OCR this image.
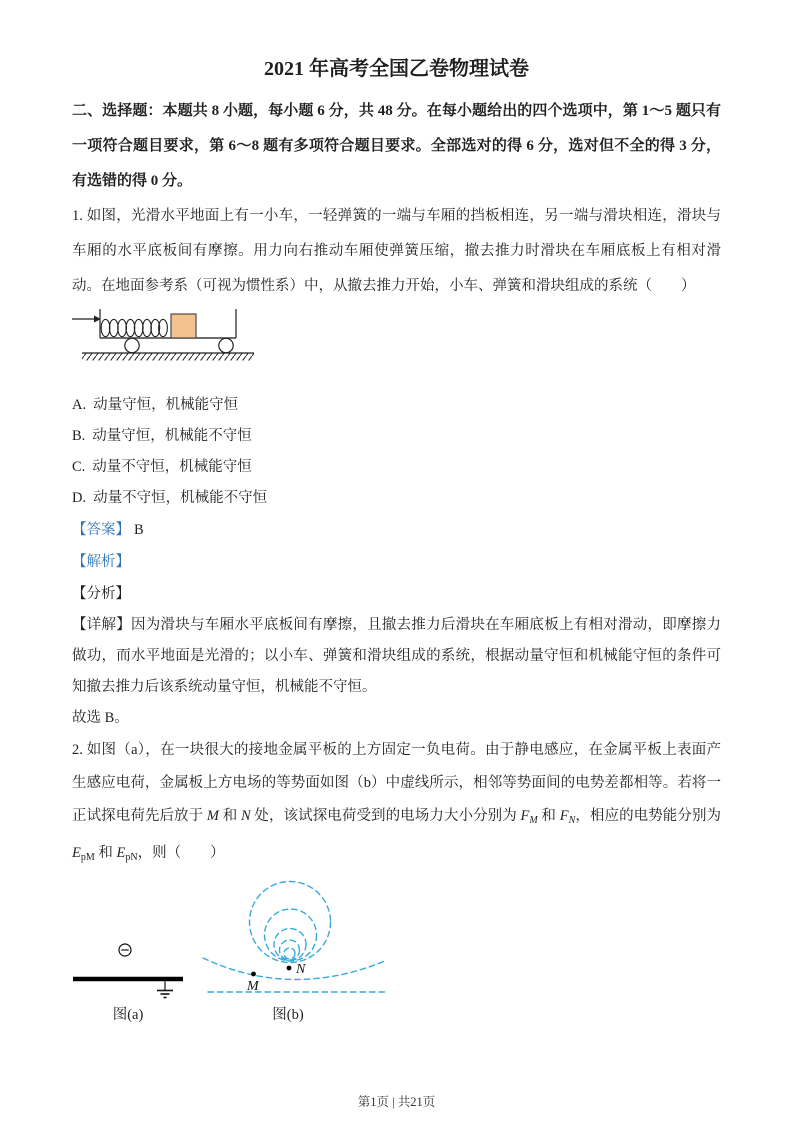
2021 年高考全国乙卷物理试卷

二、选择题：本题共 8 小题，每小题 6 分，共 48 分。在每小题给出的四个选项中，第 1～5 题只有一项符合题目要求，第 6～8 题有多项符合题目要求。全部选对的得 6 分，选对但不全的得 3 分，有选错的得 0 分。

1. 如图，光滑水平地面上有一小车，一轻弹簧的一端与车厢的挡板相连，另一端与滑块相连，滑块与车厢的水平底板间有摩擦。用力向右推动车厢使弹簧压缩，撤去推力时滑块在车厢底板上有相对滑动。在地面参考系（可视为惯性系）中，从撤去推力开始，小车、弹簧和滑块组成的系统（　　）

A. 动量守恒，机械能守恒
B. 动量守恒，机械能不守恒
C. 动量不守恒，机械能守恒
D. 动量不守恒，机械能不守恒

【答案】 B

【解析】

【分析】

【详解】因为滑块与车厢水平底板间有摩擦，且撤去推力后滑块在车厢底板上有相对滑动，即摩擦力做功，而水平地面是光滑的；以小车、弹簧和滑块组成的系统，根据动量守恒和机械能守恒的条件可知撤去推力后该系统动量守恒，机械能不守恒。

故选 B。

2. 如图（a），在一块很大的接地金属平板的上方固定一负电荷。由于静电感应，在金属平板上表面产生感应电荷，金属板上方电场的等势面如图（b）中虚线所示，相邻等势面间的电势差都相等。若将一正试探电荷先后放于 M 和 N 处，该试探电荷受到的电场力大小分别为 $F_M$ 和 $F_N$，相应的电势能分别为 $E_{pM}$ 和 $E_{pN}$，则（　　）

M
N
图(a)	图(b)
第1页 | 共21页
